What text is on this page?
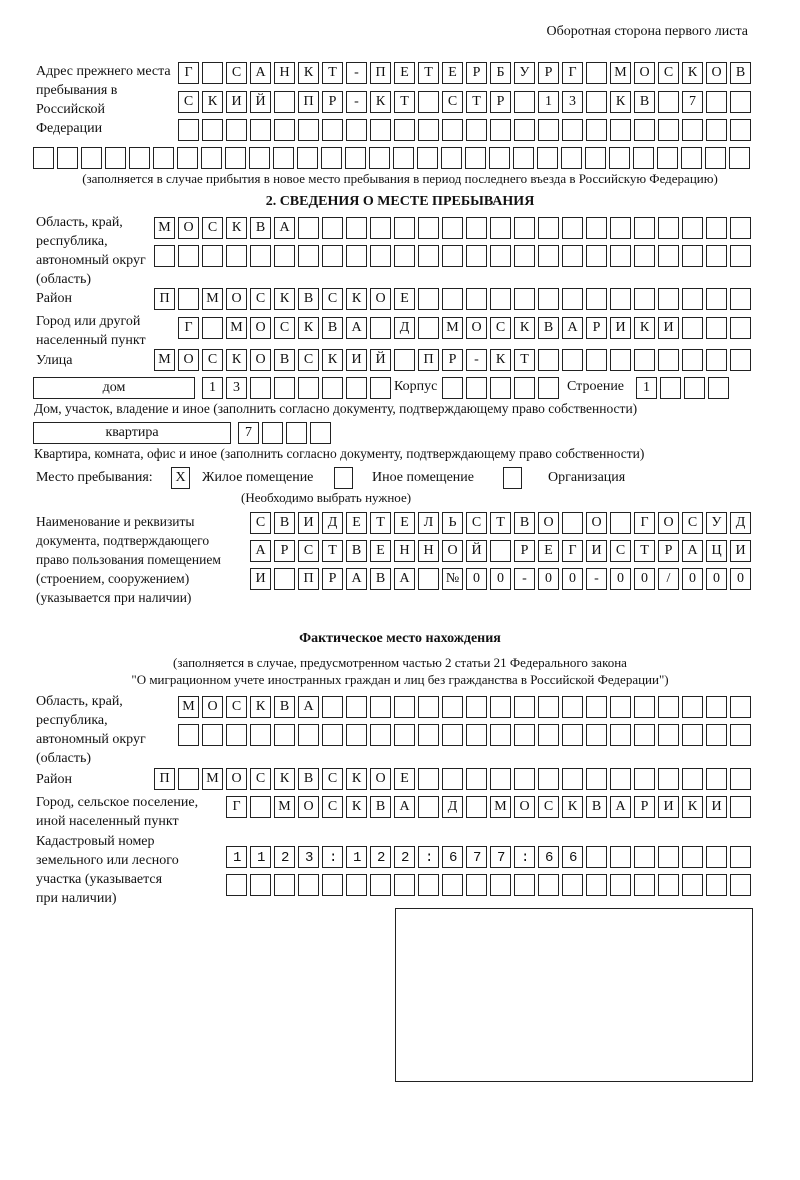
Оборотная сторона первого листа
Адрес прежнего места пребывания в Российской Федерации
Г	С	А Н	К	Т	-	П	Е	Т	Е	Р	Б	У	Р	Г	М О	С	К	О	В
С	К	И Й	П	Р	-	К	Т	С	Т	Р	1	3	К	В	7
(заполняется в случае прибытия в новое место пребывания в период последнего въезда в Российскую Федерацию)
2. СВЕДЕНИЯ О МЕСТЕ ПРЕБЫВАНИЯ
Область, край, республика, автономный округ (область)
М О	С	К	В	А
Район	П	М О	С	К	В	С	К	О	Е
Город или другой населенный пункт
Г	М О	С	К	В	А	Д	М О	С	К	В	А	Р	И	К	И
Улица	М О	С	К	О	В	С	К	И Й	П	Р	-	К	Т
дом	1	3	Корпус	Строение	1
Дом, участок, владение и иное (заполнить согласно документу, подтверждающему право собственности)
квартира	7
Квартира, комната, офис и иное (заполнить согласно документу, подтверждающему право собственности)
Место пребывания:	X	Жилое помещение	Иное помещение	Организация
(Необходимо выбрать нужное)
Наименование и реквизиты документа, подтверждающего право пользования помещением (строением, сооружением) (указывается при наличии)
С	В	И	Д	Е	Т	Е	Л	Ь	С	Т	В	О	О	Г	О	С	У	Д
А	Р	С	Т	В	Е	Н Н О Й	Р	Е	Г	И	С	Т	Р	А Ц И
И	П	Р	А	В	А	№ 0	0	-	0	0	-	0	0	/	0	0	0
Фактическое место нахождения
(заполняется в случае, предусмотренном частью 2 статьи 21 Федерального закона
"О миграционном учете иностранных граждан и лиц без гражданства в Российской Федерации")
Область, край, республика, автономный округ (область)
М О	С	К	В	А
Район	П	М О	С	К	В	С	К	О	Е
Город, сельское поселение, иной населенный пункт
Г	М О	С	К	В	А	Д	М О	С	К	В	А	Р	И	К	И
Кадастровый номер земельного или лесного участка (указывается при наличии)
1123:122:677:66
